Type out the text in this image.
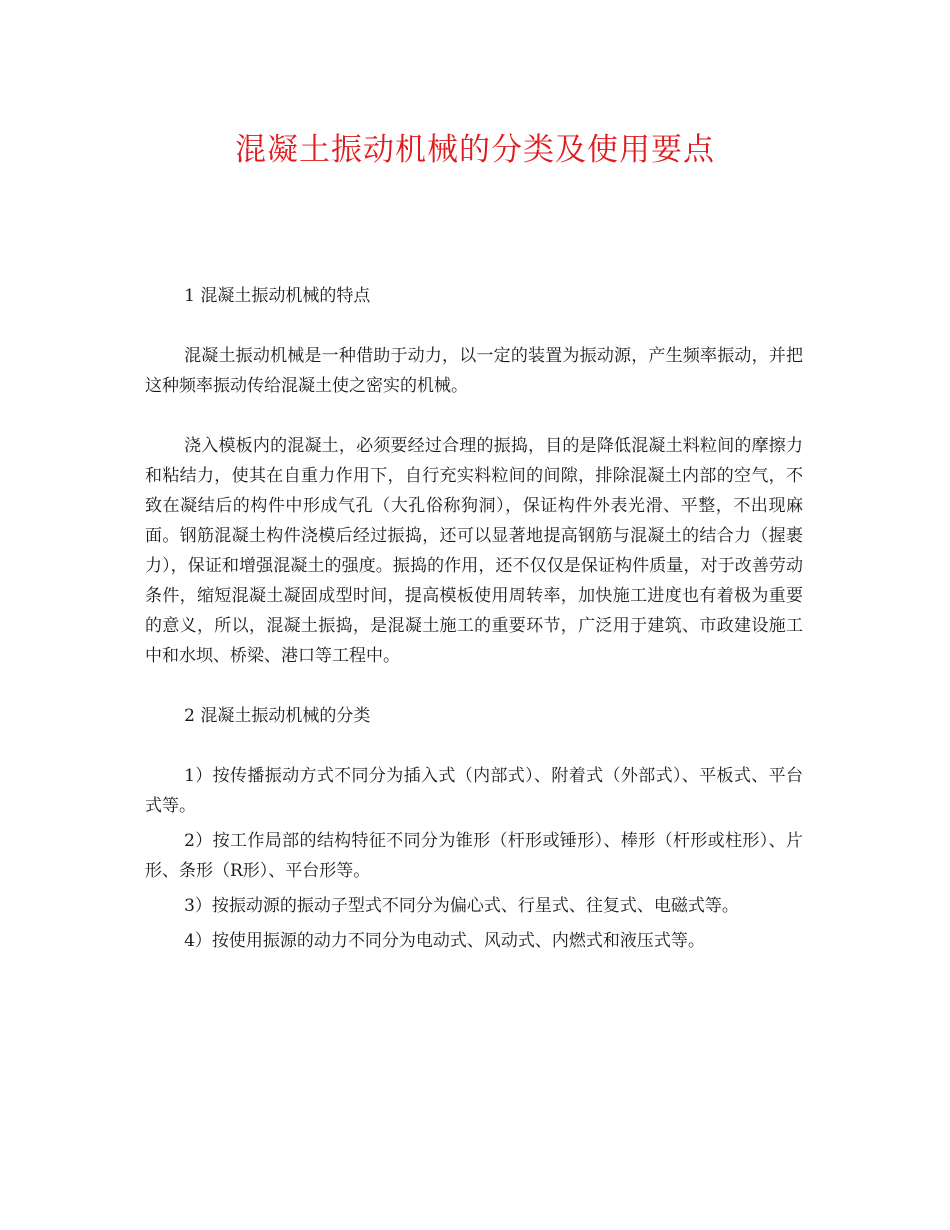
混凝土振动机械的分类及使用要点

1 混凝土振动机械的特点

混凝土振动机械是一种借助于动力，以一定的装置为振动源，产生频率振动，并把这种频率振动传给混凝土使之密实的机械。

浇入模板内的混凝土，必须要经过合理的振捣，目的是降低混凝土料粒间的摩擦力和粘结力，使其在自重力作用下，自行充实料粒间的间隙，排除混凝土内部的空气，不致在凝结后的构件中形成气孔（大孔俗称狗洞），保证构件外表光滑、平整，不出现麻面。钢筋混凝土构件浇模后经过振捣，还可以显著地提高钢筋与混凝土的结合力（握裹力），保证和增强混凝土的强度。振捣的作用，还不仅仅是保证构件质量，对于改善劳动条件，缩短混凝土凝固成型时间，提高模板使用周转率，加快施工进度也有着极为重要的意义，所以，混凝土振捣，是混凝土施工的重要环节，广泛用于建筑、市政建设施工中和水坝、桥梁、港口等工程中。

2 混凝土振动机械的分类

1）按传播振动方式不同分为插入式（内部式）、附着式（外部式）、平板式、平台式等。

2）按工作局部的结构特征不同分为锥形（杆形或锤形）、棒形（杆形或柱形）、片形、条形（R形）、平台形等。

3）按振动源的振动子型式不同分为偏心式、行星式、往复式、电磁式等。

4）按使用振源的动力不同分为电动式、风动式、内燃式和液压式等。
